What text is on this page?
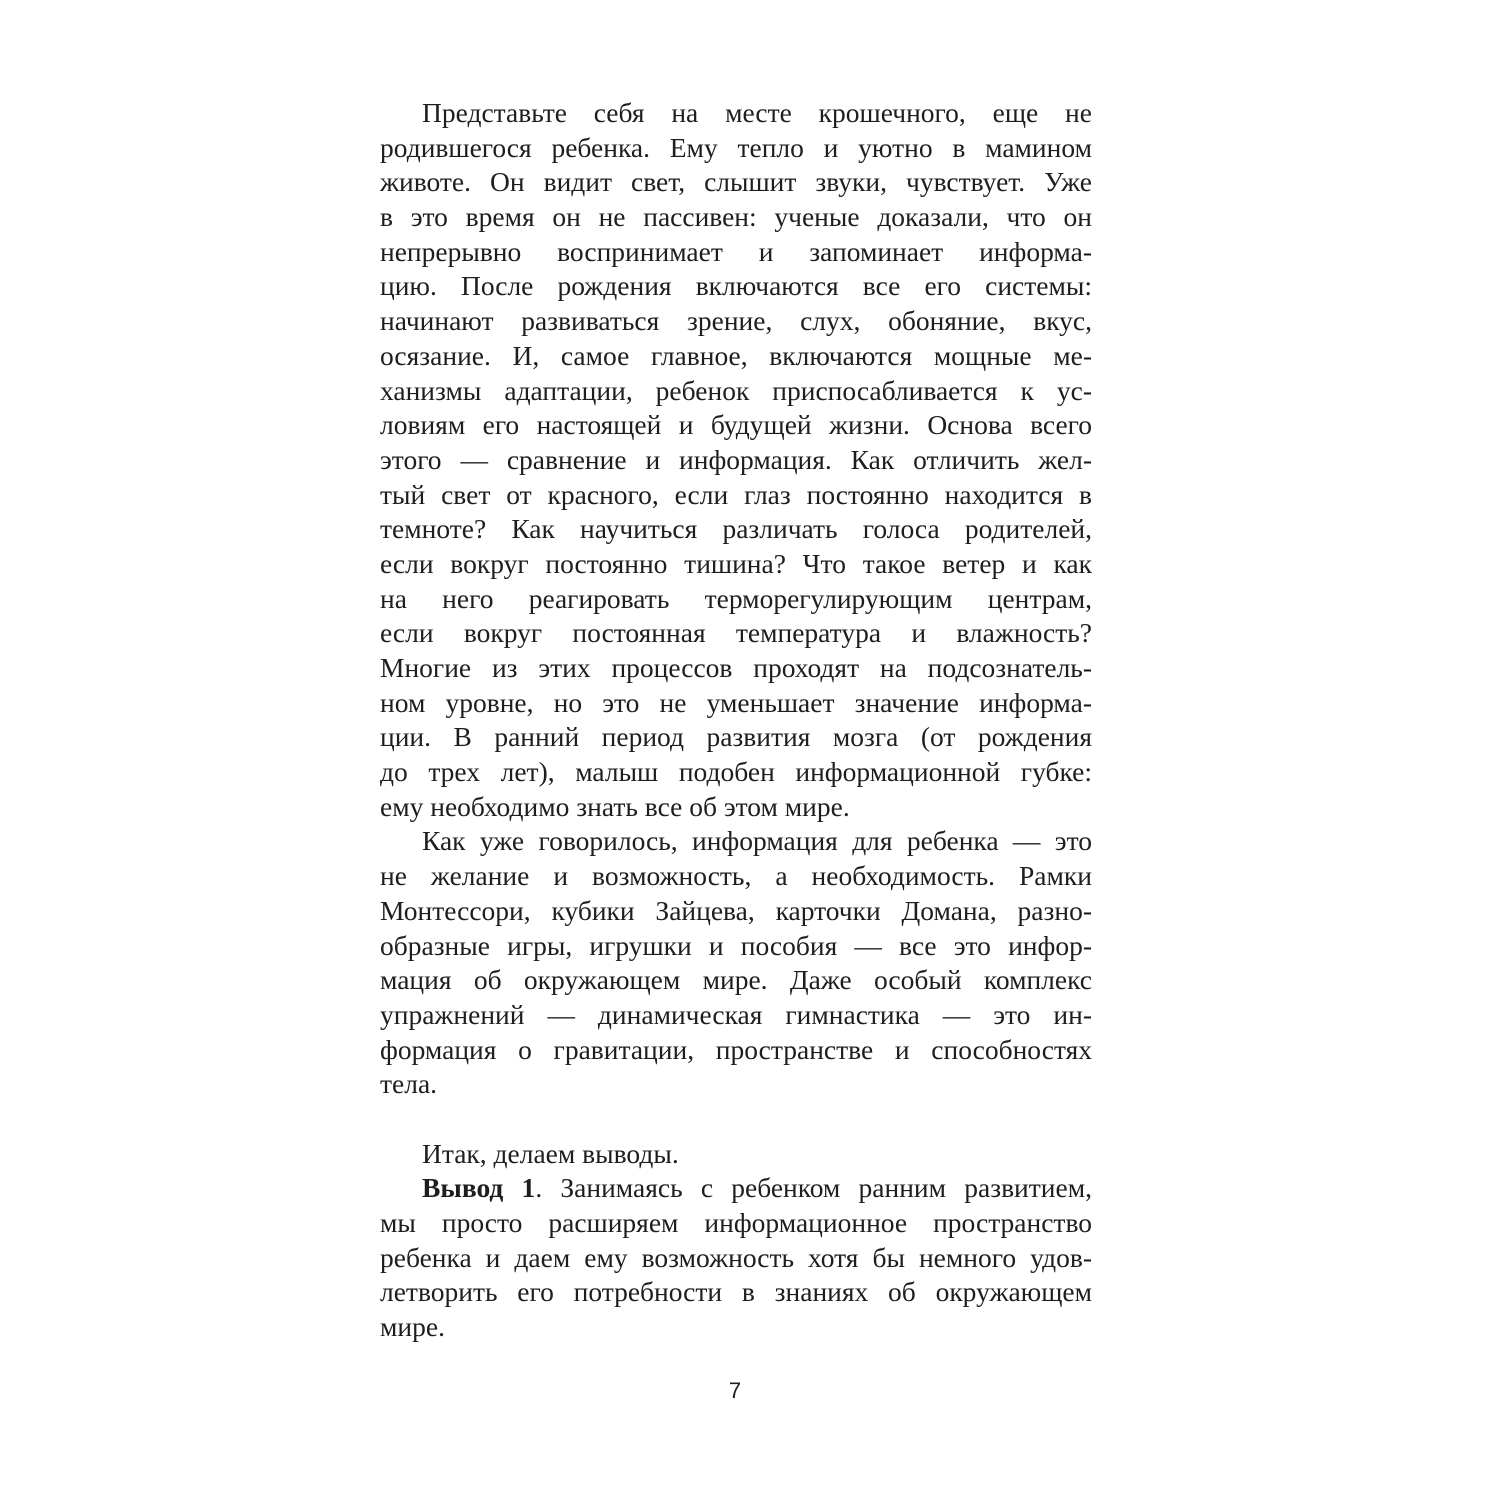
Представьте себя на месте крошечного, еще не
родившегося ребенка. Ему тепло и уютно в мамином
животе. Он видит свет, слышит звуки, чувствует. Уже
в это время он не пассивен: ученые доказали, что он
непрерывно воспринимает и запоминает информа-
цию. После рождения включаются все его системы:
начинают развиваться зрение, слух, обоняние, вкус,
осязание. И, самое главное, включаются мощные ме-
ханизмы адаптации, ребенок приспосабливается к ус-
ловиям его настоящей и будущей жизни. Основа всего
этого — сравнение и информация. Как отличить жел-
тый свет от красного, если глаз постоянно находится в
темноте? Как научиться различать голоса родителей,
если вокруг постоянно тишина? Что такое ветер и как
на него реагировать терморегулирующим центрам,
если вокруг постоянная температура и влажность?
Многие из этих процессов проходят на подсознатель-
ном уровне, но это не уменьшает значение информа-
ции. В ранний период развития мозга (от рождения
до трех лет), малыш подобен информационной губке:
ему необходимо знать все об этом мире.
Как уже говорилось, информация для ребенка — это
не желание и возможность, а необходимость. Рамки
Монтессори, кубики Зайцева, карточки Домана, разно-
образные игры, игрушки и пособия — все это инфор-
мация об окружающем мире. Даже особый комплекс
упражнений — динамическая гимнастика — это ин-
формация о гравитации, пространстве и способностях
тела.
Итак, делаем выводы.
Вывод 1. Занимаясь с ребенком ранним развитием,
мы просто расширяем информационное пространство
ребенка и даем ему возможность хотя бы немного удов-
летворить его потребности в знаниях об окружающем
мире.
7
